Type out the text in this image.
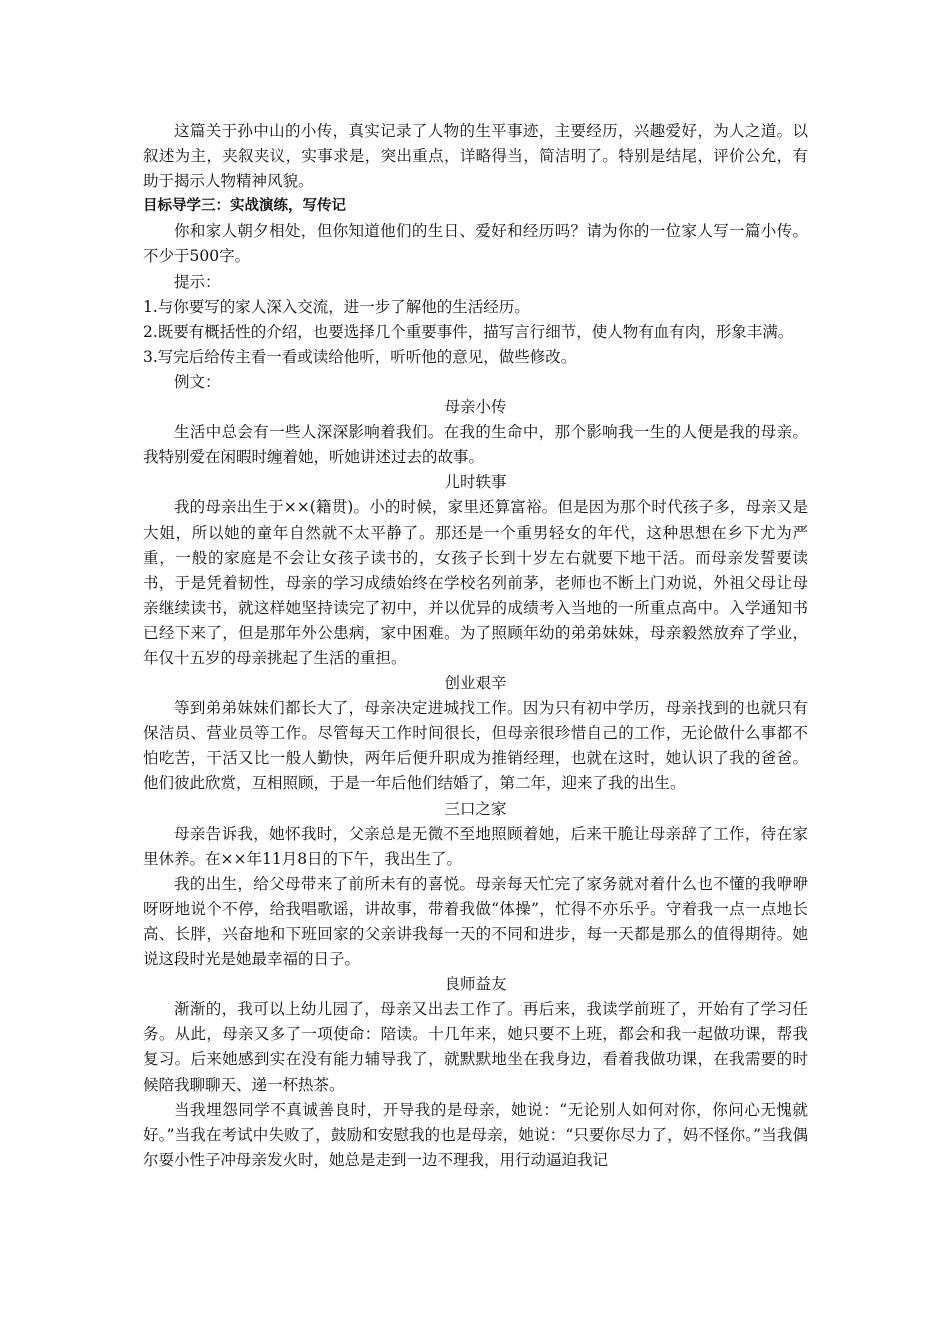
这篇关于孙中山的小传，真实记录了人物的生平事迹，主要经历，兴趣爱好，为人之道。以叙述为主，夹叙夹议，实事求是，突出重点，详略得当，简洁明了。特别是结尾，评价公允，有助于揭示人物精神风貌。

目标导学三：实战演练，写传记

你和家人朝夕相处，但你知道他们的生日、爱好和经历吗？请为你的一位家人写一篇小传。不少于500字。

提示：

1.与你要写的家人深入交流，进一步了解他的生活经历。

2.既要有概括性的介绍，也要选择几个重要事件，描写言行细节，使人物有血有肉，形象丰满。

3.写完后给传主看一看或读给他听，听听他的意见，做些修改。

例文：

母亲小传

生活中总会有一些人深深影响着我们。在我的生命中，那个影响我一生的人便是我的母亲。我特别爱在闲暇时缠着她，听她讲述过去的故事。

儿时轶事

我的母亲出生于××(籍贯)。小的时候，家里还算富裕。但是因为那个时代孩子多，母亲又是大姐，所以她的童年自然就不太平静了。那还是一个重男轻女的年代，这种思想在乡下尤为严重，一般的家庭是不会让女孩子读书的，女孩子长到十岁左右就要下地干活。而母亲发誓要读书，于是凭着韧性，母亲的学习成绩始终在学校名列前茅，老师也不断上门劝说，外祖父母让母亲继续读书，就这样她坚持读完了初中，并以优异的成绩考入当地的一所重点高中。入学通知书已经下来了，但是那年外公患病，家中困难。为了照顾年幼的弟弟妹妹，母亲毅然放弃了学业，年仅十五岁的母亲挑起了生活的重担。

创业艰辛

等到弟弟妹妹们都长大了，母亲决定进城找工作。因为只有初中学历，母亲找到的也就只有保洁员、营业员等工作。尽管每天工作时间很长，但母亲很珍惜自己的工作，无论做什么事都不怕吃苦，干活又比一般人勤快，两年后便升职成为推销经理，也就在这时，她认识了我的爸爸。他们彼此欣赏，互相照顾，于是一年后他们结婚了，第二年，迎来了我的出生。

三口之家

母亲告诉我，她怀我时，父亲总是无微不至地照顾着她，后来干脆让母亲辞了工作，待在家里休养。在××年11月8日的下午，我出生了。

我的出生，给父母带来了前所未有的喜悦。母亲每天忙完了家务就对着什么也不懂的我咿咿呀呀地说个不停，给我唱歌谣，讲故事，带着我做“体操”，忙得不亦乐乎。守着我一点一点地长高、长胖，兴奋地和下班回家的父亲讲我每一天的不同和进步，每一天都是那么的值得期待。她说这段时光是她最幸福的日子。

良师益友

渐渐的，我可以上幼儿园了，母亲又出去工作了。再后来，我读学前班了，开始有了学习任务。从此，母亲又多了一项使命：陪读。十几年来，她只要不上班，都会和我一起做功课，帮我复习。后来她感到实在没有能力辅导我了，就默默地坐在我身边，看着我做功课，在我需要的时候陪我聊聊天、递一杯热茶。

当我埋怨同学不真诚善良时，开导我的是母亲，她说：“无论别人如何对你，你问心无愧就好。”当我在考试中失败了，鼓励和安慰我的也是母亲，她说：“只要你尽力了，妈不怪你。”当我偶尔耍小性子冲母亲发火时，她总是走到一边不理我，用行动逼迫我记
